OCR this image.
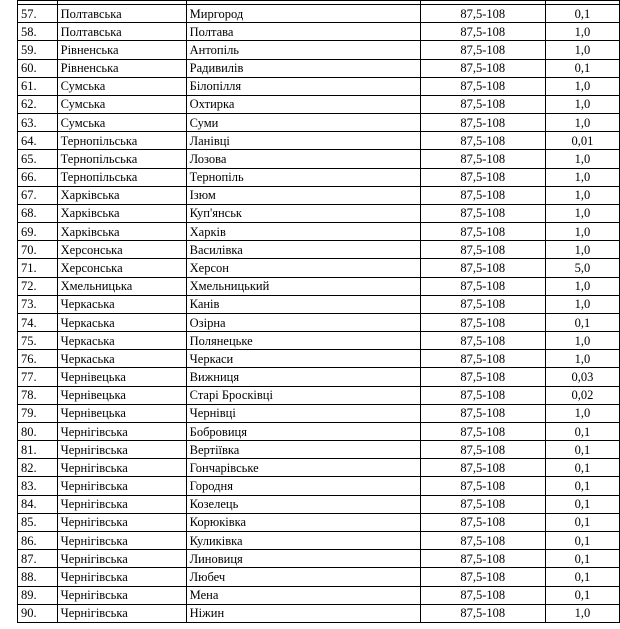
57.	Полтавська	Миргород	87,5-108	0,1
58.	Полтавська	Полтава	87,5-108	1,0
59.	Рівненська	Антопіль	87,5-108	1,0
60.	Рівненська	Радивилів	87,5-108	0,1
61.	Сумська	Білопілля	87,5-108	1,0
62.	Сумська	Охтирка	87,5-108	1,0
63.	Сумська	Суми	87,5-108	1,0
64.	Тернопільська	Ланівці	87,5-108	0,01
65.	Тернопільська	Лозова	87,5-108	1,0
66.	Тернопільська	Тернопіль	87,5-108	1,0
67.	Харківська	Ізюм	87,5-108	1,0
68.	Харківська	Куп'янськ	87,5-108	1,0
69.	Харківська	Харків	87,5-108	1,0
70.	Херсонська	Василівка	87,5-108	1,0
71.	Херсонська	Херсон	87,5-108	5,0
72.	Хмельницька	Хмельницький	87,5-108	1,0
73.	Черкаська	Канів	87,5-108	1,0
74.	Черкаська	Озірна	87,5-108	0,1
75.	Черкаська	Полянецьке	87,5-108	1,0
76.	Черкаська	Черкаси	87,5-108	1,0
77.	Чернівецька	Вижниця	87,5-108	0,03
78.	Чернівецька	Старі Бросківці	87,5-108	0,02
79.	Чернівецька	Чернівці	87,5-108	1,0
80.	Чернігівська	Бобровиця	87,5-108	0,1
81.	Чернігівська	Вертіївка	87,5-108	0,1
82.	Чернігівська	Гончарівське	87,5-108	0,1
83.	Чернігівська	Городня	87,5-108	0,1
84.	Чернігівська	Козелець	87,5-108	0,1
85.	Чернігівська	Корюківка	87,5-108	0,1
86.	Чернігівська	Куликівка	87,5-108	0,1
87.	Чернігівська	Линовиця	87,5-108	0,1
88.	Чернігівська	Любеч	87,5-108	0,1
89.	Чернігівська	Мена	87,5-108	0,1
90.	Чернігівська	Ніжин	87,5-108	1,0
